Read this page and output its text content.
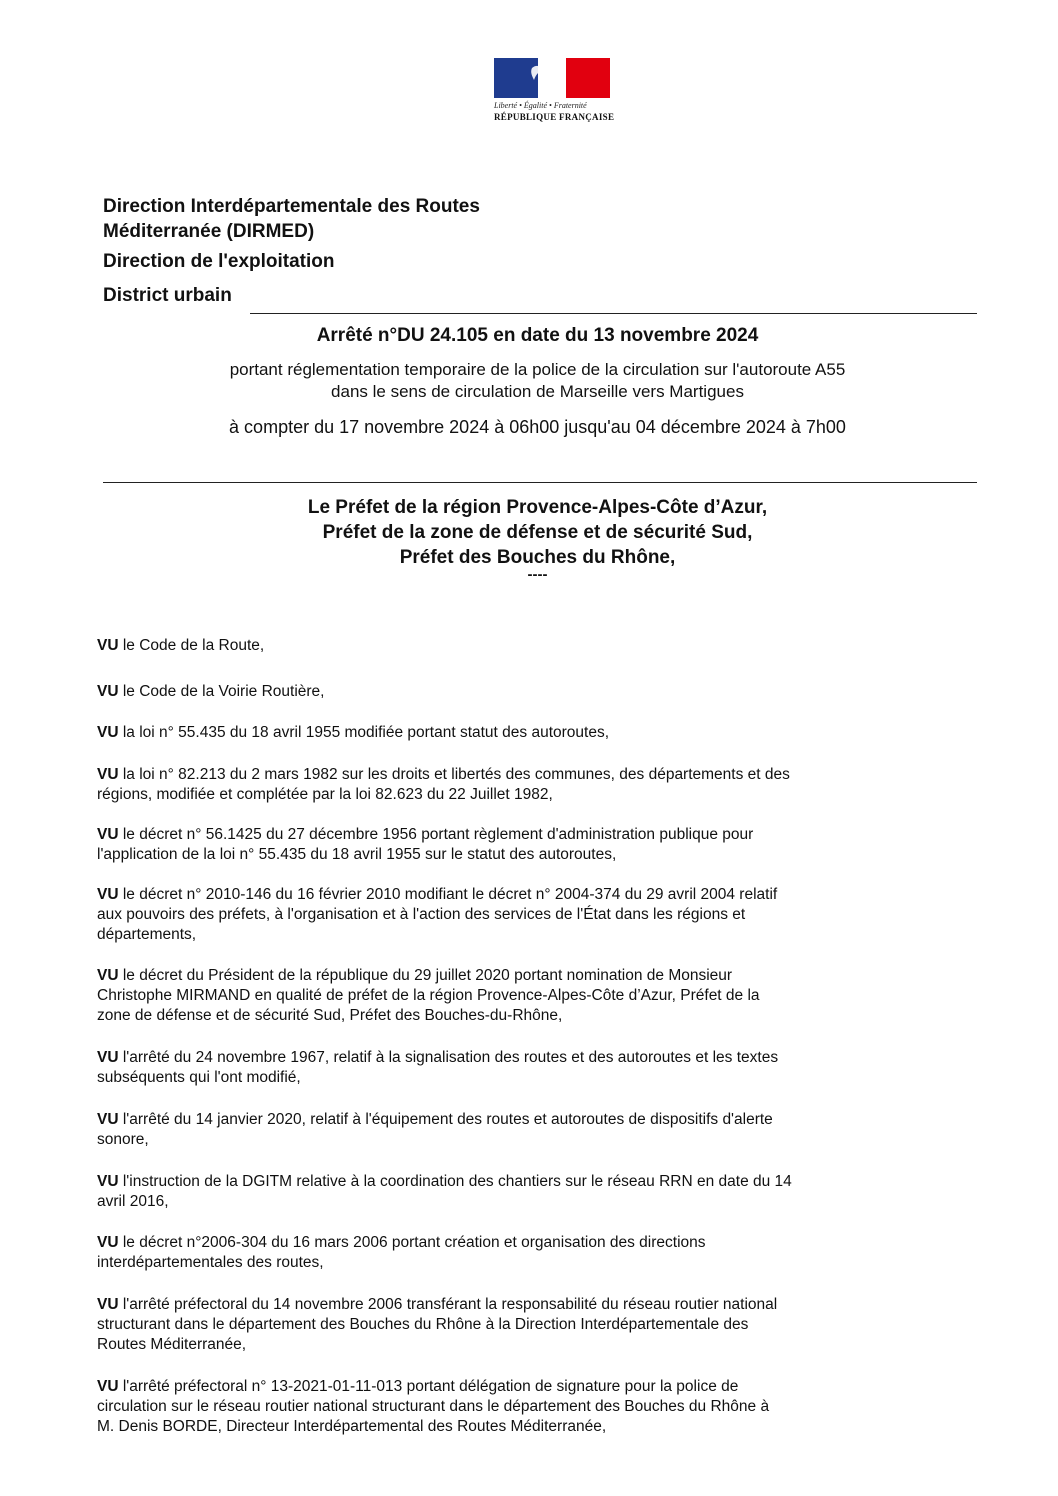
Liberté • Égalité • Fraternité
RÉPUBLIQUE FRANÇAISE
Direction Interdépartementale des Routes
Méditerranée (DIRMED)
Direction de l'exploitation
District urbain
Arrêté n°DU 24.105 en date du 13 novembre 2024
portant réglementation temporaire de la police de la circulation sur l'autoroute A55
dans le sens de circulation de Marseille vers Martigues
à compter du 17 novembre 2024 à 06h00 jusqu'au 04 décembre 2024 à 7h00
Le Préfet de la région Provence-Alpes-Côte d’Azur,
Préfet de la zone de défense et de sécurité Sud,
Préfet des Bouches du Rhône,
----
VU le Code de la Route,
VU le Code de la Voirie Routière,
VU la loi n° 55.435 du 18 avril 1955 modifiée portant statut des autoroutes,
VU la loi n° 82.213 du 2 mars 1982 sur les droits et libertés des communes, des départements et des
régions, modifiée et complétée par la loi 82.623 du 22 Juillet 1982,
VU le décret n° 56.1425 du 27 décembre 1956 portant règlement d'administration publique pour
l'application de la loi n° 55.435 du 18 avril 1955 sur le statut des autoroutes,
VU le décret n° 2010-146 du 16 février 2010 modifiant le décret n° 2004-374 du 29 avril 2004 relatif
aux pouvoirs des préfets, à l'organisation et à l'action des services de l'État dans les régions et
départements,
VU le décret du Président de la république du 29 juillet 2020 portant nomination de Monsieur
Christophe MIRMAND en qualité de préfet de la région Provence-Alpes-Côte d’Azur, Préfet de la
zone de défense et de sécurité Sud, Préfet des Bouches-du-Rhône,
VU l'arrêté du 24 novembre 1967, relatif à la signalisation des routes et des autoroutes et les textes
subséquents qui l'ont modifié,
VU l'arrêté du 14 janvier 2020, relatif à l'équipement des routes et autoroutes de dispositifs d'alerte
sonore,
VU l'instruction de la DGITM relative à la coordination des chantiers sur le réseau RRN en date du 14
avril 2016,
VU le décret n°2006-304 du 16 mars 2006 portant création et organisation des directions
interdépartementales des routes,
VU l'arrêté préfectoral du 14 novembre 2006 transférant la responsabilité du réseau routier national
structurant dans le département des Bouches du Rhône à la Direction Interdépartementale des
Routes Méditerranée,
VU l'arrêté préfectoral n° 13-2021-01-11-013 portant délégation de signature pour la police de
circulation sur le réseau routier national structurant dans le département des Bouches du Rhône à
M. Denis BORDE, Directeur Interdépartemental des Routes Méditerranée,
